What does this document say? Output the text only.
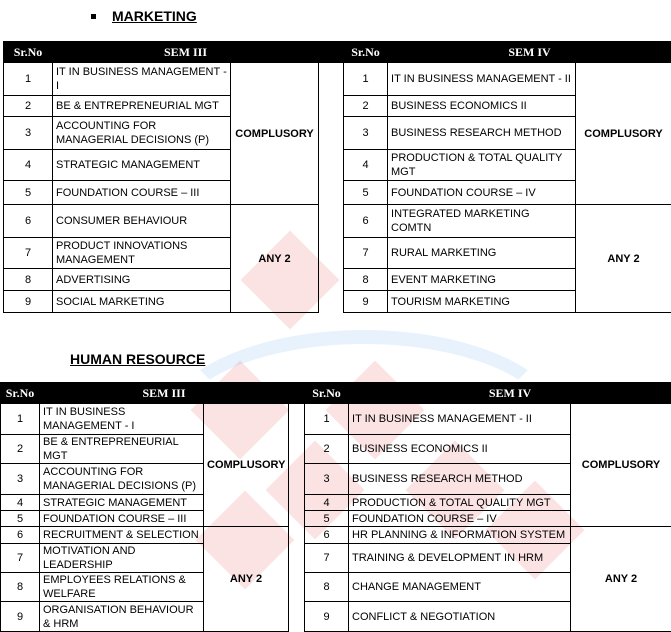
MARKETING
Sr.No	SEM III			Sr.No	SEM IV	
1	IT IN BUSINESS MANAGEMENT - I	COMPLUSORY		1	IT IN BUSINESS MANAGEMENT - II	COMPLUSORY
2	BE & ENTREPRENEURIAL MGT			2	BUSINESS ECONOMICS II	
3	ACCOUNTING FOR MANAGERIAL DECISIONS (P)			3	BUSINESS RESEARCH METHOD	
4	STRATEGIC MANAGEMENT			4	PRODUCTION & TOTAL QUALITY MGT	
5	FOUNDATION COURSE – III			5	FOUNDATION COURSE – IV	
6	CONSUMER BEHAVIOUR	ANY 2		6	INTEGRATED MARKETING COMTN	ANY 2
7	PRODUCT INNOVATIONS MANAGEMENT			7	RURAL MARKETING	
8	ADVERTISING			8	EVENT MARKETING	
9	SOCIAL MARKETING			9	TOURISM MARKETING	
HUMAN RESOURCE
Sr.No	SEM III			Sr.No	SEM IV	
1	IT IN BUSINESS MANAGEMENT - I	COMPLUSORY		1	IT IN BUSINESS MANAGEMENT - II	COMPLUSORY
2	BE & ENTREPRENEURIAL MGT			2	BUSINESS ECONOMICS II	
3	ACCOUNTING FOR MANAGERIAL DECISIONS (P)			3	BUSINESS RESEARCH METHOD	
4	STRATEGIC MANAGEMENT			4	PRODUCTION & TOTAL QUALITY MGT	
5	FOUNDATION COURSE – III			5	FOUNDATION COURSE – IV	
6	RECRUITMENT & SELECTION	ANY 2		6	HR PLANNING & INFORMATION SYSTEM	ANY 2
7	MOTIVATION AND LEADERSHIP			7	TRAINING & DEVELOPMENT IN HRM	
8	EMPLOYEES RELATIONS & WELFARE			8	CHANGE MANAGEMENT	
9	ORGANISATION BEHAVIOUR & HRM			9	CONFLICT & NEGOTIATION	
